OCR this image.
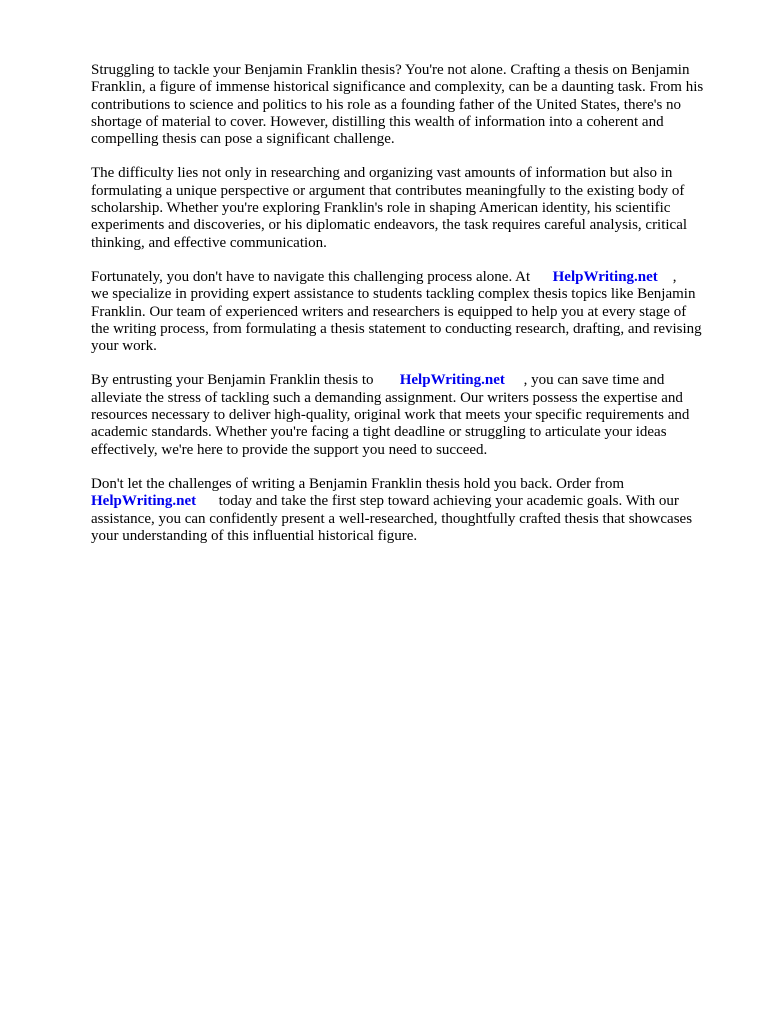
Struggling to tackle your Benjamin Franklin thesis? You're not alone. Crafting a thesis on Benjamin
Franklin, a figure of immense historical significance and complexity, can be a daunting task. From his
contributions to science and politics to his role as a founding father of the United States, there's no
shortage of material to cover. However, distilling this wealth of information into a coherent and
compelling thesis can pose a significant challenge.

The difficulty lies not only in researching and organizing vast amounts of information but also in
formulating a unique perspective or argument that contributes meaningfully to the existing body of
scholarship. Whether you're exploring Franklin's role in shaping American identity, his scientific
experiments and discoveries, or his diplomatic endeavors, the task requires careful analysis, critical
thinking, and effective communication.

Fortunately, you don't have to navigate this challenging process alone. At      HelpWriting.net    ,
we specialize in providing expert assistance to students tackling complex thesis topics like Benjamin
Franklin. Our team of experienced writers and researchers is equipped to help you at every stage of
the writing process, from formulating a thesis statement to conducting research, drafting, and revising
your work.

By entrusting your Benjamin Franklin thesis to       HelpWriting.net     , you can save time and
alleviate the stress of tackling such a demanding assignment. Our writers possess the expertise and
resources necessary to deliver high-quality, original work that meets your specific requirements and
academic standards. Whether you're facing a tight deadline or struggling to articulate your ideas
effectively, we're here to provide the support you need to succeed.

Don't let the challenges of writing a Benjamin Franklin thesis hold you back. Order from
HelpWriting.net      today and take the first step toward achieving your academic goals. With our
assistance, you can confidently present a well-researched, thoughtfully crafted thesis that showcases
your understanding of this influential historical figure.
